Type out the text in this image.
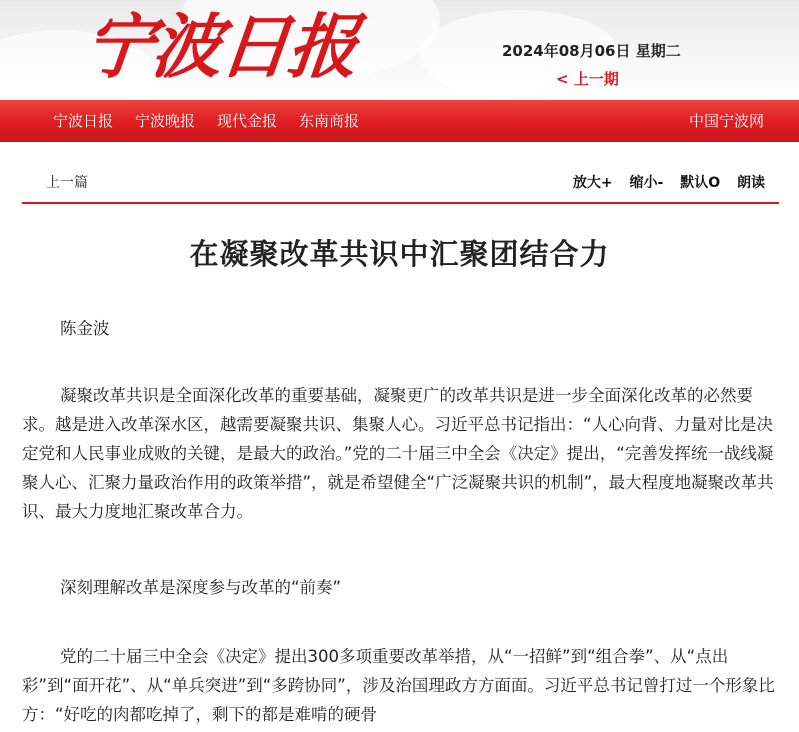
宁波日报	2024年08月06日 星期二
< 上一期
宁波日报 宁波晚报 现代金报 东南商报	中国宁波网
上一篇	放大+ 缩小- 默认O 朗读
在凝聚改革共识中汇聚团结合力

陈金波

凝聚改革共识是全面深化改革的重要基础，凝聚更广的改革共识是进一步全面深化改革的必然要求。越是进入改革深水区，越需要凝聚共识、集聚人心。习近平总书记指出：“人心向背、力量对比是决定党和人民事业成败的关键，是最大的政治。”党的二十届三中全会《决定》提出，“完善发挥统一战线凝聚人心、汇聚力量政治作用的政策举措”，就是希望健全“广泛凝聚共识的机制”，最大程度地凝聚改革共识、最大力度地汇聚改革合力。

深刻理解改革是深度参与改革的“前奏”

党的二十届三中全会《决定》提出300多项重要改革举措，从“一招鲜”到“组合拳”、从“点出彩”到“面开花”、从“单兵突进”到“多跨协同”，涉及治国理政方方面面。习近平总书记曾打过一个形象比方：“好吃的肉都吃掉了，剩下的都是难啃的硬骨
